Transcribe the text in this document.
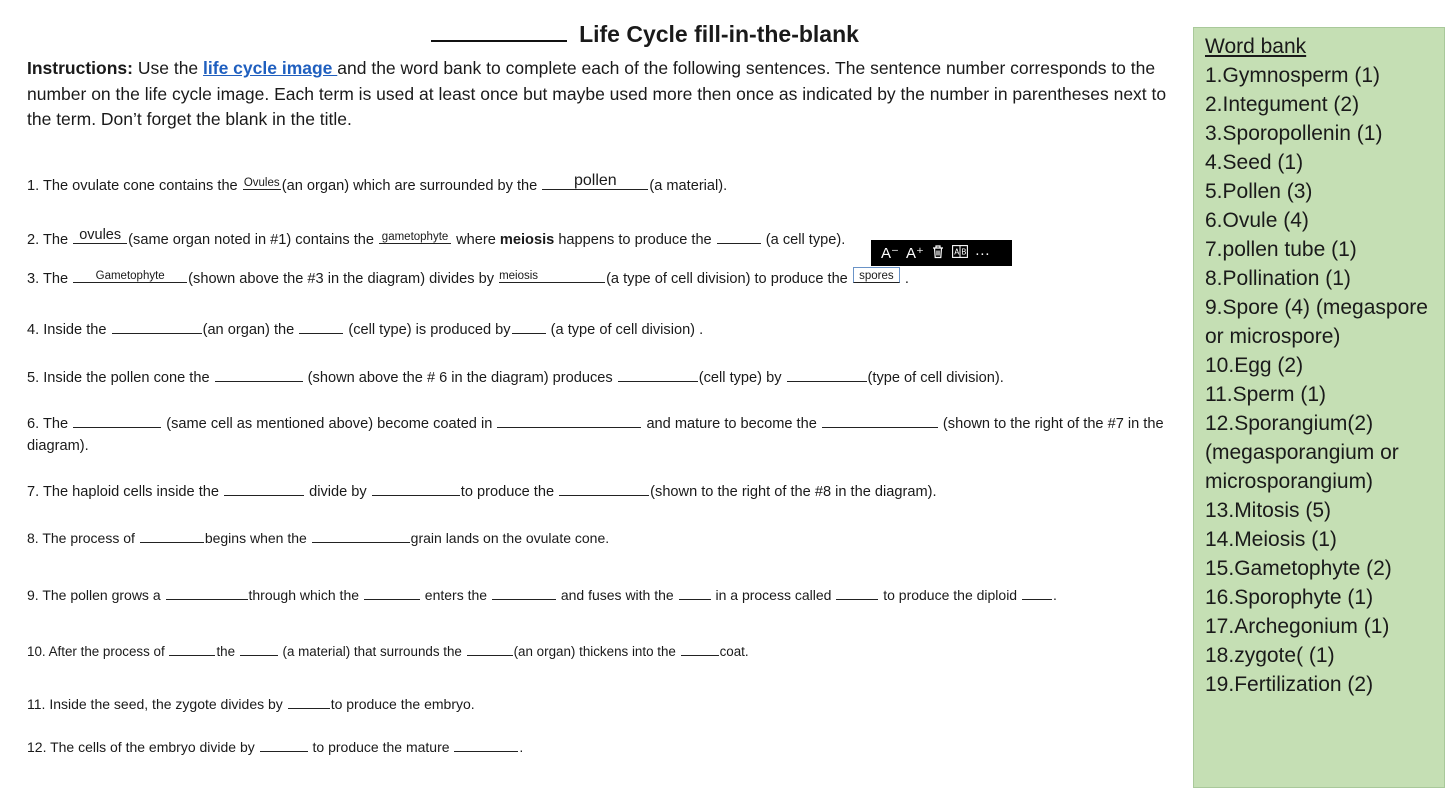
Life Cycle fill-in-the-blank
Instructions: Use the life cycle image and the word bank to complete each of the following sentences. The sentence number corresponds to the number on the life cycle image. Each term is used at least once but maybe used more then once as indicated by the number in parentheses next to the term. Don’t forget the blank in the title.
1. The ovulate cone contains the Ovules (an organ) which are surrounded by the	pollen	(a material).
2. The ovules (same organ noted in #1) contains the gametophyte where meiosis happens to produce the	(a cell type).
3. The	Gametophyte	(shown above the #3 in the diagram) divides by meiosis	(a type of cell division) to produce the spores .
4. Inside the	(an organ) the	(cell type) is produced by (a type of cell division) .
5. Inside the pollen cone the	(shown above the # 6 in the diagram) produces	(cell type) by	(type of cell division).
6. The	(same cell as mentioned above) become coated in	and mature to become the	(shown to the right of the #7 in the diagram).
7. The haploid cells inside the	divide by	to produce the	(shown to the right of the #8 in the diagram).
8. The process of	begins when the	grain lands on the ovulate cone.
9. The pollen grows a	through which the	enters the	and fuses with the  in a process called	to produce the diploid .
10. After the process of	the	(a material) that surrounds the	(an organ) thickens into the	coat.
11. Inside the seed, the zygote divides by	to produce the embryo.
12. The cells of the embryo divide by	to produce the mature	.
A⁻ A⁺	A B ···
Word bank
1.Gymnosperm (1)
2.Integument (2)
3.Sporopollenin (1)
4.Seed (1)
5.Pollen (3)
6.Ovule (4)
7.pollen tube (1)
8.Pollination (1)
9.Spore (4) (megaspore or microspore)
10.Egg (2)
11.Sperm (1)
12.Sporangium(2) (megasporangium or microsporangium)
13.Mitosis (5)
14.Meiosis (1)
15.Gametophyte (2)
16.Sporophyte (1)
17.Archegonium (1)
18.zygote( (1)
19.Fertilization (2)
